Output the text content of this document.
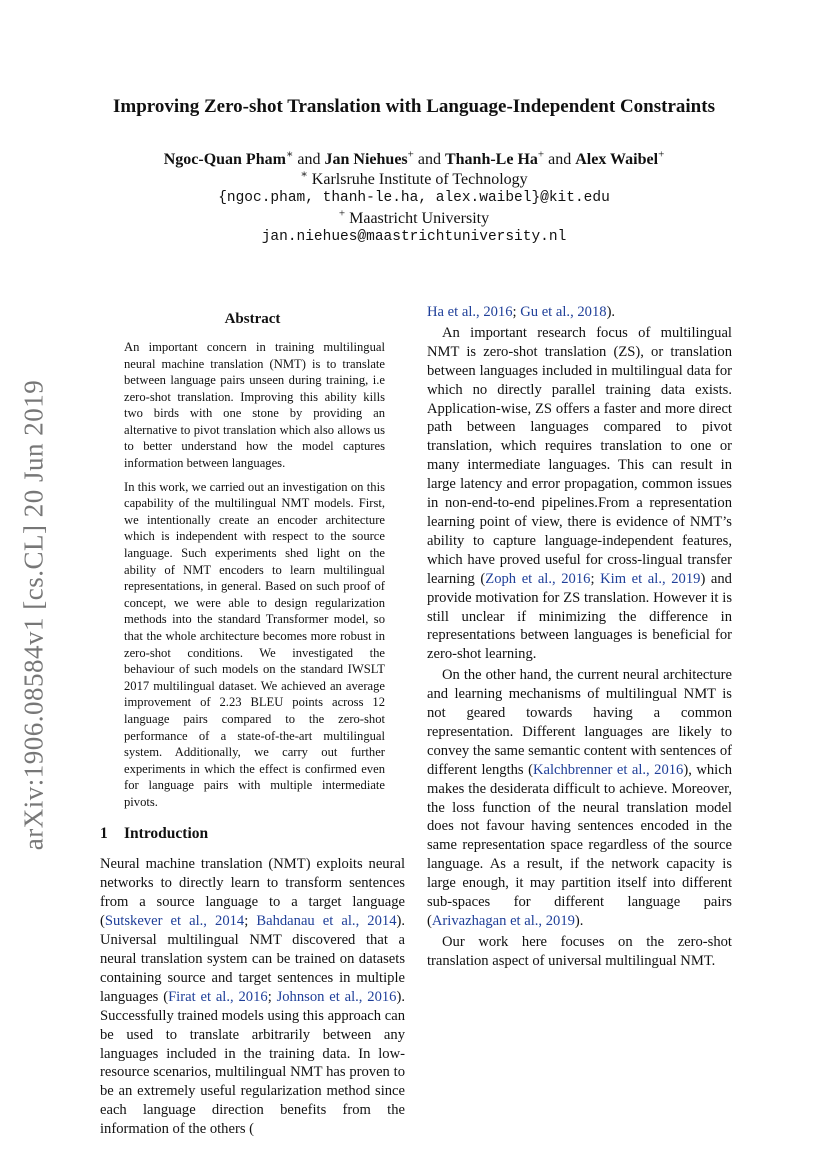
arXiv:1906.08584v1 [cs.CL] 20 Jun 2019
Improving Zero-shot Translation with Language-Independent Constraints
Ngoc-Quan Pham∗ and Jan Niehues+ and Thanh-Le Ha+ and Alex Waibel+
∗ Karlsruhe Institute of Technology
{ngoc.pham, thanh-le.ha, alex.waibel}@kit.edu
+ Maastricht University
jan.niehues@maastrichtuniversity.nl
Abstract

An important concern in training multilingual neural machine translation (NMT) is to translate between language pairs unseen during training, i.e zero-shot translation. Improving this ability kills two birds with one stone by providing an alternative to pivot translation which also allows us to better understand how the model captures information between languages.

In this work, we carried out an investigation on this capability of the multilingual NMT models. First, we intentionally create an encoder architecture which is independent with respect to the source language. Such experiments shed light on the ability of NMT encoders to learn multilingual representations, in general. Based on such proof of concept, we were able to design regularization methods into the standard Transformer model, so that the whole architecture becomes more robust in zero-shot conditions. We investigated the behaviour of such models on the standard IWSLT 2017 multilingual dataset. We achieved an average improvement of 2.23 BLEU points across 12 language pairs compared to the zero-shot performance of a state-of-the-art multilingual system. Additionally, we carry out further experiments in which the effect is confirmed even for language pairs with multiple intermediate pivots.

1 Introduction

Neural machine translation (NMT) exploits neural networks to directly learn to transform sentences from a source language to a target language (Sutskever et al., 2014; Bahdanau et al., 2014). Universal multilingual NMT discovered that a neural translation system can be trained on datasets containing source and target sentences in multiple languages (Firat et al., 2016; Johnson et al., 2016). Successfully trained models using this approach can be used to translate arbitrarily between any languages included in the training data. In low-resource scenarios, multilingual NMT has proven to be an extremely useful regularization method since each language direction benefits from the information of the others (

Ha et al., 2016; Gu et al., 2018).

An important research focus of multilingual NMT is zero-shot translation (ZS), or translation between languages included in multilingual data for which no directly parallel training data exists. Application-wise, ZS offers a faster and more direct path between languages compared to pivot translation, which requires translation to one or many intermediate languages. This can result in large latency and error propagation, common issues in non-end-to-end pipelines.From a representation learning point of view, there is evidence of NMT’s ability to capture language-independent features, which have proved useful for cross-lingual transfer learning (Zoph et al., 2016; Kim et al., 2019) and provide motivation for ZS translation. However it is still unclear if minimizing the difference in representations between languages is beneficial for zero-shot learning.

On the other hand, the current neural architecture and learning mechanisms of multilingual NMT is not geared towards having a common representation. Different languages are likely to convey the same semantic content with sentences of different lengths (Kalchbrenner et al., 2016), which makes the desiderata difficult to achieve. Moreover, the loss function of the neural translation model does not favour having sentences encoded in the same representation space regardless of the source language. As a result, if the network capacity is large enough, it may partition itself into different sub-spaces for different language pairs (Arivazhagan et al., 2019).

Our work here focuses on the zero-shot translation aspect of universal multilingual NMT.
